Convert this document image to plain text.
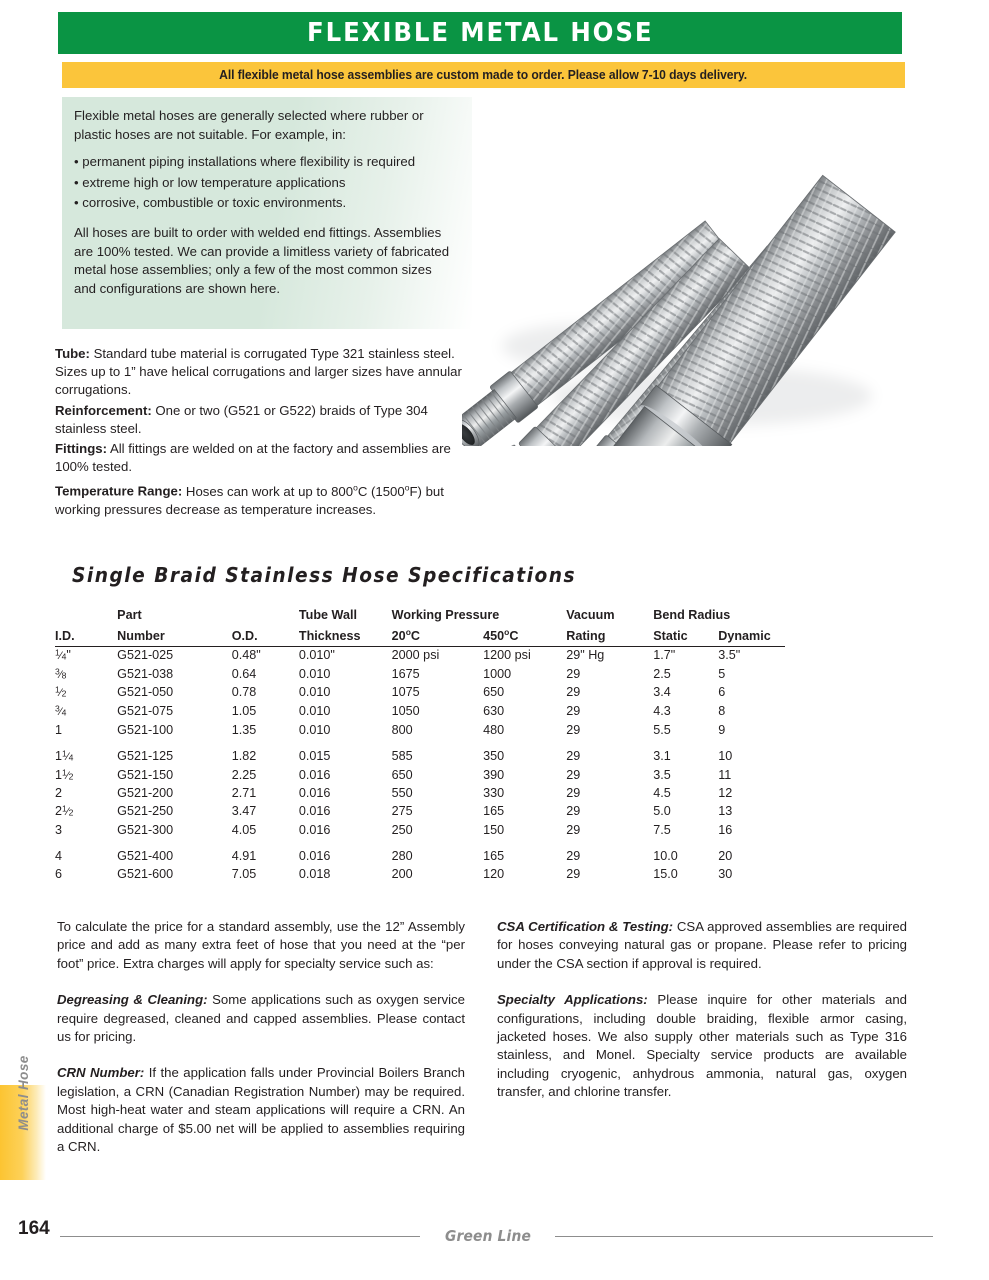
FLEXIBLE METAL HOSE
All flexible metal hose assemblies are custom made to order. Please allow 7-10 days delivery.

Flexible metal hoses are generally selected where rubber or plastic hoses are not suitable. For example, in:

• permanent piping installations where flexibility is required

• extreme high or low temperature applications

• corrosive, combustible or toxic environments.

All hoses are built to order with welded end fittings. Assemblies are 100% tested. We can provide a limitless variety of fabricated metal hose assemblies; only a few of the most common sizes and configurations are shown here.

Tube: Standard tube material is corrugated Type 321 stainless steel. Sizes up to 1” have helical corrugations and larger sizes have annular corrugations.

Reinforcement: One or two (G521 or G522) braids of Type 304 stainless steel.

Fittings: All fittings are welded on at the factory and assemblies are 100% tested.

Temperature Range: Hoses can work at up to 800$^o$C (1500$^o$F) but working pressures decrease as temperature increases.

Single Braid Stainless Hose Specifications
	Part		Tube Wall	Working Pressure		Vacuum	Bend Radius	
I.D.	Number	O.D.	Thickness	20$^o$C	450$^o$C	Rating	Static	Dynamic
$^1⁄_4$"	G521-025	0.48"	0.010"	2000 psi	1200 psi	29" Hg	1.7"	3.5"
$^3⁄_8$	G521-038	0.64	0.010	1675	1000	29	2.5	5
$^1⁄_2$	G521-050	0.78	0.010	1075	650	29	3.4	6
$^3⁄_4$	G521-075	1.05	0.010	1050	630	29	4.3	8
1	G521-100	1.35	0.010	800	480	29	5.5	9

$1^1⁄_4$	G521-125	1.82	0.015	585	350	29	3.1	10
$1^1⁄_2$	G521-150	2.25	0.016	650	390	29	3.5	11
2	G521-200	2.71	0.016	550	330	29	4.5	12
$2^1⁄_2$	G521-250	3.47	0.016	275	165	29	5.0	13
3	G521-300	4.05	0.016	250	150	29	7.5	16

4	G521-400	4.91	0.016	280	165	29	10.0	20
6	G521-600	7.05	0.018	200	120	29	15.0	30

To calculate the price for a standard assembly, use the 12” Assembly price and add as many extra feet of hose that you need at the “per foot” price. Extra charges will apply for specialty service such as:

Degreasing & Cleaning: Some applications such as oxygen service require degreased, cleaned and capped assemblies. Please contact us for pricing.

CRN Number: If the application falls under Provincial Boilers Branch legislation, a CRN (Canadian Registration Number) may be required. Most high-heat water and steam applications will require a CRN. An additional charge of $5.00 net will be applied to assemblies requiring a CRN.

CSA Certification & Testing: CSA approved assemblies are required for hoses conveying natural gas or propane. Please refer to pricing under the CSA section if approval is required.

Specialty Applications: Please inquire for other materials and configurations, including double braiding, flexible armor casing, jacketed hoses. We also supply other materials such as Type 316 stainless, and Monel. Specialty service products are available including cryogenic, anhydrous ammonia, natural gas, oxygen transfer, and chlorine transfer.

Metal Hose
164	Green Line
